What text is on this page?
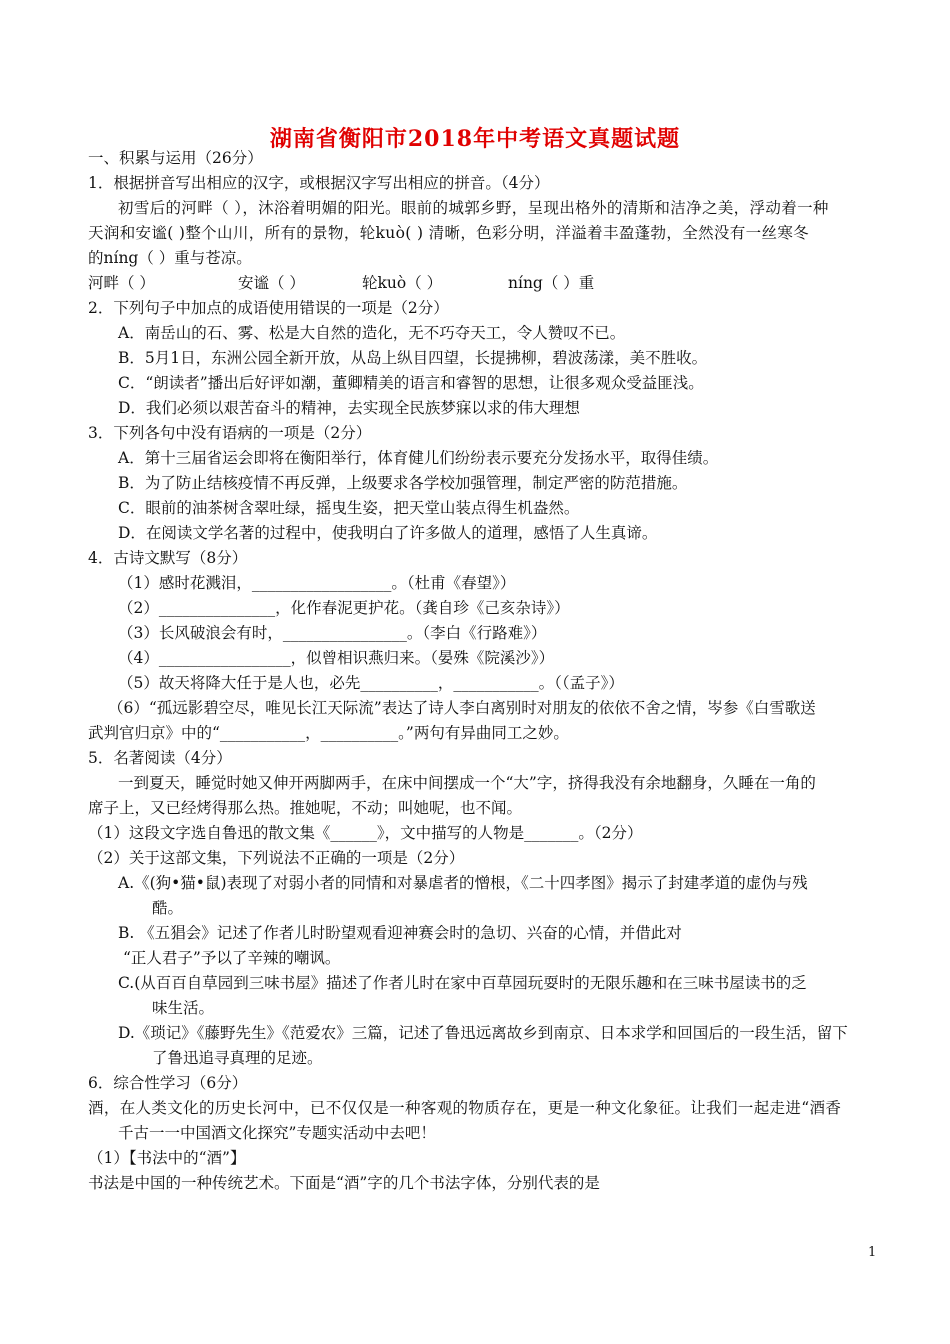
湖南省衡阳市2018年中考语文真题试题
一、积累与运用（26分）
1．根据拼音写出相应的汉字，或根据汉字写出相应的拼音。（4分）
初雪后的河畔（ ），沐浴着明媚的阳光。眼前的城郭乡野，呈现出格外的清斯和洁净之美，浮动着一种
天润和安谧( )整个山川，所有的景物，轮kuò( ) 清晰，色彩分明，洋溢着丰盈蓬勃，全然没有一丝寒冬
的níng（ ）重与苍凉。
河畔（ ）	安谧（ ）	轮kuò（ ）	níng（ ）重
2．下列句子中加点的成语使用错误的一项是（2分）
A．南岳山的石、雾、松是大自然的造化，无不巧夺天工，令人赞叹不已。
B．5月1日，东洲公园全新开放，从岛上纵目四望，长提拂柳，碧波荡漾，美不胜收。
C．“朗读者”播出后好评如潮，董卿精美的语言和睿智的思想，让很多观众受益匪浅。
D．我们必须以艰苦奋斗的精神，去实现全民族梦寐以求的伟大理想
3．下列各句中没有语病的一项是（2分）
A．第十三届省运会即将在衡阳举行，体育健儿们纷纷表示要充分发扬水平，取得佳绩。
B．为了防止结核疫情不再反弹，上级要求各学校加强管理，制定严密的防范措施。
C．眼前的油茶树含翠吐绿，摇曳生姿，把天堂山装点得生机盎然。
D．在阅读文学名著的过程中，使我明白了许多做人的道理，感悟了人生真谛。
4．古诗文默写（8分）
（1）感时花溅泪，__________________。（杜甫《春望》）
（2）_______________，化作春泥更护花。（龚自珍《己亥杂诗》）
（3）长风破浪会有时，________________。（李白《行路难》）
（4）_________________，似曾相识燕归来。（晏殊《院溪沙》）
（5）故天将降大任于是人也，必先__________，___________。（（孟子》）
（6）“孤远影碧空尽，唯见长江天际流”表达了诗人李白离别时对朋友的依依不舍之情，岑参《白雪歌送
武判官归京》中的“___________，__________。”两句有异曲同工之妙。
5．名著阅读（4分）
一到夏天，睡觉时她又伸开两脚两手，在床中间摆成一个“大”字，挤得我没有余地翻身，久睡在一角的
席子上，又已经烤得那么热。推她呢，不动；叫她呢，也不闻。
（1）这段文字选自鲁迅的散文集《______》，文中描写的人物是_______。（2分）
（2）关于这部文集，下列说法不正确的一项是（2分）
A.《(狗•猫•鼠)表现了对弱小者的同情和对暴虐者的憎根，《二十四孝图》揭示了封建孝道的虚伪与残
酷。
B. 《五猖会》记述了作者儿时盼望观看迎神赛会时的急切、兴奋的心情，并借此对
“正人君子”予以了辛辣的嘲讽。
C.(从百百自草园到三味书屋》描述了作者儿时在家中百草园玩耍时的无限乐趣和在三味书屋读书的乏
味生活。
D.《琐记》《藤野先生》《范爱农》三篇，记述了鲁迅远离故乡到南京、日本求学和回国后的一段生活，留下
了鲁迅追寻真理的足迹。
6．综合性学习（6分）
酒，在人类文化的历史长河中，已不仅仅是一种客观的物质存在，更是一种文化象征。让我们一起走进“酒香
千古一一中国酒文化探究”专题实活动中去吧！
（1）【书法中的“酒”】
书法是中国的一种传统艺术。下面是“酒”字的几个书法字体，分别代表的是
1
